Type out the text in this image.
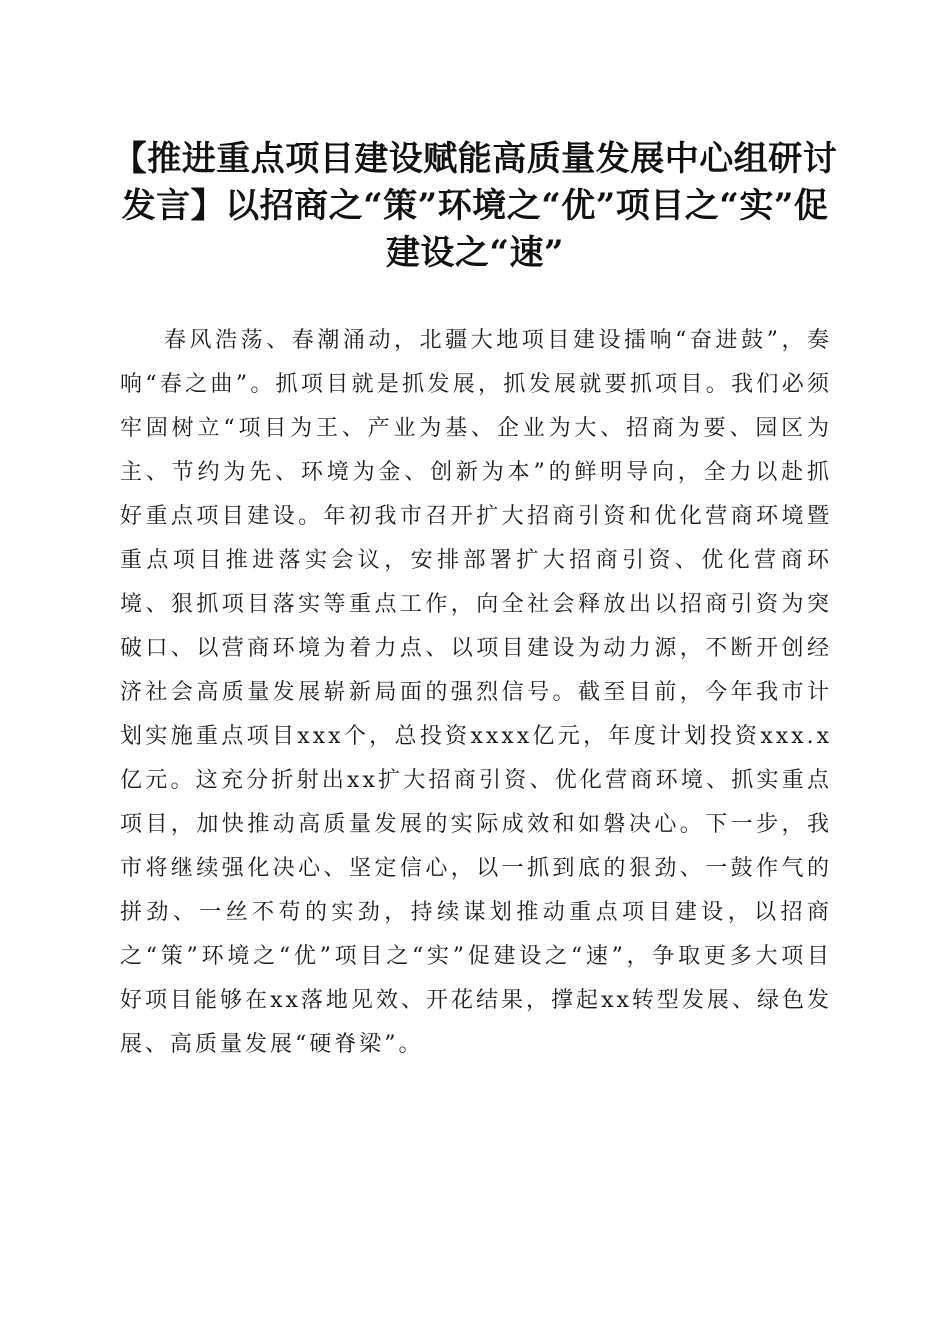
【推进重点项目建设赋能高质量发展中心组研讨发言】以招商之“策”环境之“优”项目之“实”促建设之“速”

春风浩荡、春潮涌动，北疆大地项目建设擂响“奋进鼓”，奏响“春之曲”。抓项目就是抓发展，抓发展就要抓项目。我们必须牢固树立“项目为王、产业为基、企业为大、招商为要、园区为主、节约为先、环境为金、创新为本”的鲜明导向，全力以赴抓好重点项目建设。年初我市召开扩大招商引资和优化营商环境暨重点项目推进落实会议，安排部署扩大招商引资、优化营商环境、狠抓项目落实等重点工作，向全社会释放出以招商引资为突破口、以营商环境为着力点、以项目建设为动力源，不断开创经济社会高质量发展崭新局面的强烈信号。截至目前，今年我市计划实施重点项目xxx个，总投资xxxx亿元，年度计划投资xxx.x亿元。这充分折射出xx扩大招商引资、优化营商环境、抓实重点项目，加快推动高质量发展的实际成效和如磐决心。下一步，我市将继续强化决心、坚定信心，以一抓到底的狠劲、一鼓作气的拼劲、一丝不苟的实劲，持续谋划推动重点项目建设，以招商之“策”环境之“优”项目之“实”促建设之“速”，争取更多大项目好项目能够在xx落地见效、开花结果，撑起xx转型发展、绿色发展、高质量发展“硬脊梁”。
